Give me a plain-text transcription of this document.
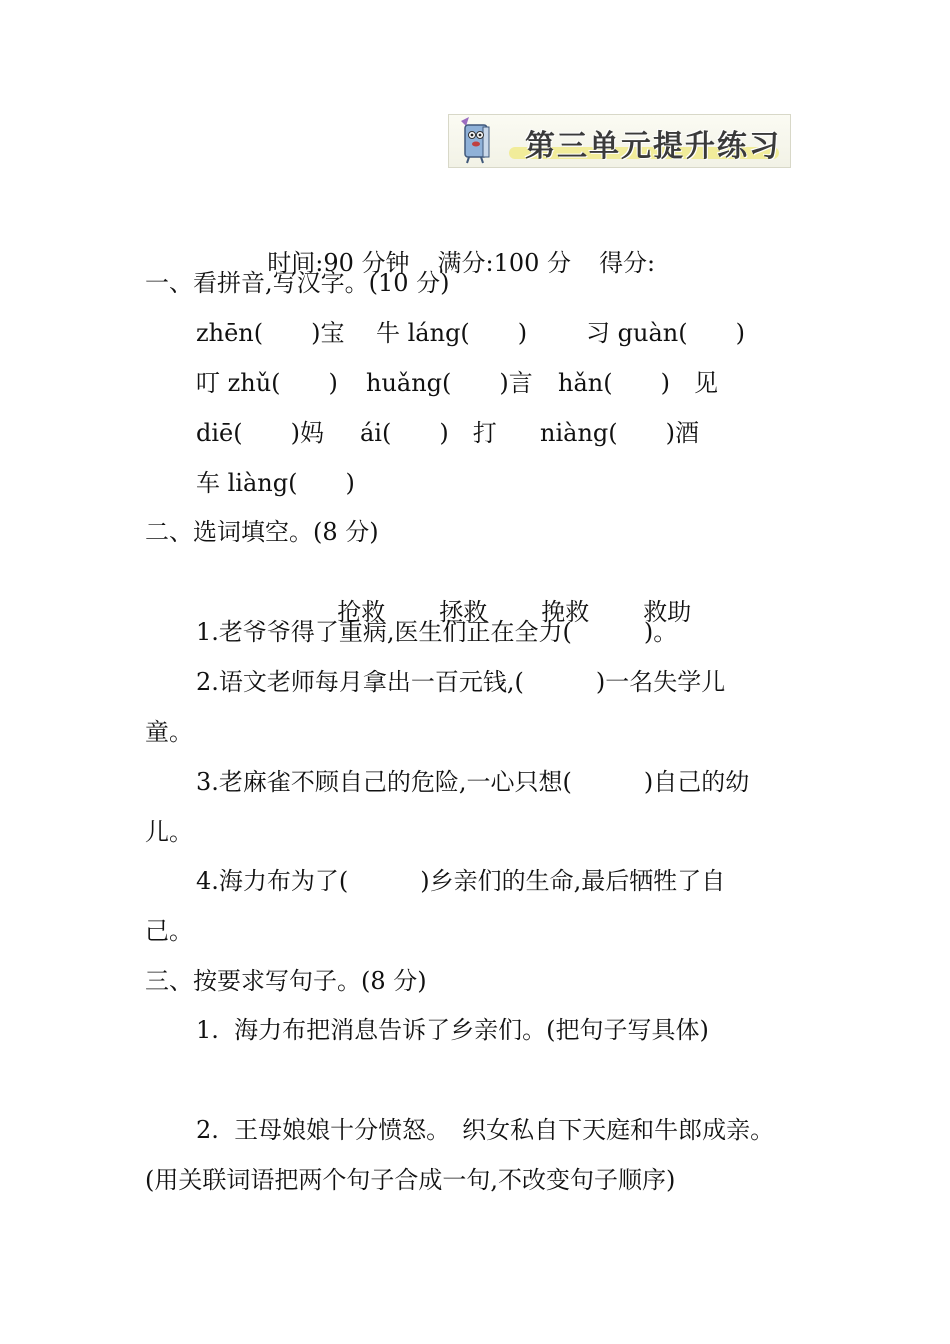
第三单元提升练习

时间:90 分钟 满分:100 分 得分:

一、看拼音,写汉字。(10 分)
zhēn(　　)宝 牛 láng(　　) 习 guàn(　　)
叮 zhǔ(　　) huǎng(　　)言 hǎn(　　)　见
diē(　　)妈 ái(　　)　打 niàng(　　)酒
车 liàng(　　)
二、选词填空。(8 分)

抢救 拯救 挽救 救助

1.老爷爷得了重病,医生们正在全力(　　　)。
2.语文老师每月拿出一百元钱,(　　　)一名失学儿
童。
3.老麻雀不顾自己的危险,一心只想(　　　)自己的幼
儿。
4.海力布为了(　　　)乡亲们的生命,最后牺牲了自
己。
三、按要求写句子。(8 分)
1.  海力布把消息告诉了乡亲们。(把句子写具体)
2.  王母娘娘十分愤怒。　织女私自下天庭和牛郎成亲。
(用关联词语把两个句子合成一句,不改变句子顺序)
